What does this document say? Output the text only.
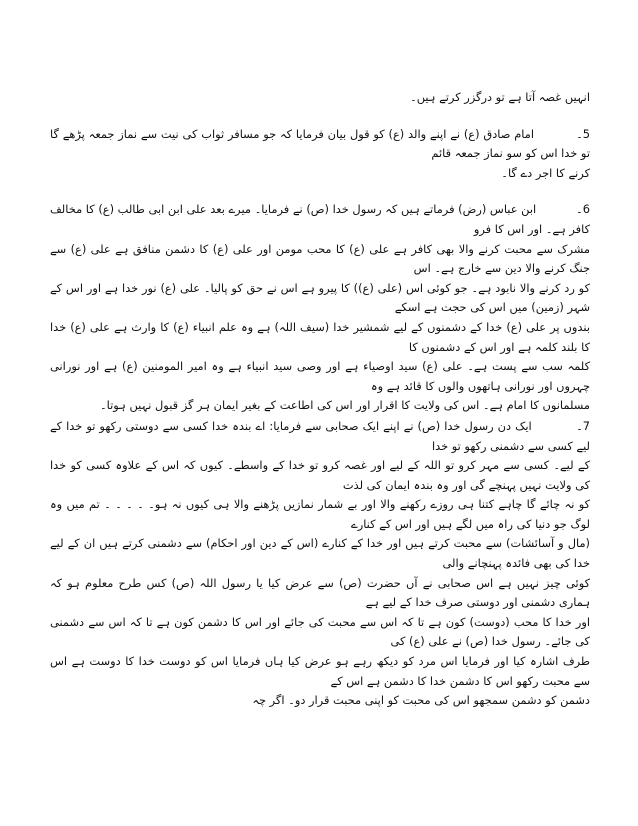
انہیں غصہ آتا ہے تو درگزر کرتے ہیں۔

5۔           امام صادق (ع) نے اپنے والد (ع) کو قول بیان فرمایا کہ جو مسافر ثواب کی نیت سے نماز جمعہ پڑھے گا تو خدا اس کو سو نماز جمعہ قائم
کرنے کا اجر دے گا۔

6۔           ابن عباس (رض) فرماتے ہیں کہ رسول خدا (ص) نے فرمایا۔ میرے بعد علی ابن ابی طالب (ع) کا مخالف کافر ہے۔ اور اس کا فرو
مشرک سے محبت کرنے والا بھی کافر ہے علی (ع) کا محب مومن اور علی (ع) کا دشمن منافق ہے علی (ع) سے جنگ کرنے والا دین سے خارج ہے۔ اس
کو رد کرنے والا نابود ہے۔ جو کوئی اس (علی (ع)) کا پیرو ہے اس نے حق کو پالیا۔ علی (ع) نور خدا ہے اور اس کے شہر (زمین) میں اس کی حجت ہے اسکے
بندوں پر علی (ع) خدا کے دشمنوں کے لیے شمشیر خدا (سیف اللہ) ہے وہ علم انبیاء (ع) کا وارث ہے علی (ع) خدا کا بلند کلمہ ہے اور اس کے دشمنوں کا
کلمہ سب سے پست ہے۔ علی (ع) سید اوصیاء ہے اور وصی سید انبیاء ہے وہ امیر المومنین (ع) ہے اور نورانی چہروں اور نورانی ہاتھوں والوں کا قائد ہے وہ
مسلمانوں کا امام ہے۔ اس کی ولایت کا اقرار اور اس کی اطاعت کے بغیر ایمان ہر گز قبول نہیں ہوتا۔

7۔           ایک دن رسول خدا (ص) نے اپنے ایک صحابی سے فرمایا: اے بندہ خدا کسی سے دوستی رکھو تو خدا کے لیے کسی سے دشمنی رکھو تو خدا
کے لیے۔ کسی سے مہر کرو تو اللہ کے لیے اور غصہ کرو تو خدا کے واسطے۔ کیوں کہ اس کے علاوہ کسی کو خدا کی ولایت نہیں پہنچے گی اور وہ بندہ ایمان کی لذت
کو نہ چائے گا چاہے کتنا ہی روزے رکھنے والا اور بے شمار نمازیں پڑھنے والا ہی کیوں نہ ہو۔ ۔ ۔ ۔ ۔ تم میں وہ لوگ جو دنیا کی راہ میں لگے ہیں اور اس کے کنارے
(مال و آسائشات) سے محبت کرتے ہیں اور خدا کے کنارے (اس کے دین اور احکام) سے دشمنی کرتے ہیں ان کے لیے خدا کی بھی فائدہ پہنچانے والی
کوئی چیز نہیں ہے اس صحابی نے آں حضرت (ص) سے عرض کیا یا رسول اللہ (ص) کس طرح معلوم ہو کہ ہماری دشمنی اور دوستی صرف خدا کے لیے ہے
اور خدا کا محب (دوست) کون ہے تا کہ اس سے محبت کی جائے اور اس کا دشمن کون ہے تا کہ اس سے دشمنی کی جائے۔ رسول خدا (ص) نے علی (ع) کی
طرف اشارہ کیا اور فرمایا اس مرد کو دیکھ رہے ہو عرض کیا ہاں فرمایا اس کو دوست خدا کا دوست ہے اس سے محبت رکھو اس کا دشمن خدا کا دشمن ہے اس کے
دشمن کو دشمن سمجھو اس کی محبت کو اپنی محبت قرار دو۔ اگر چہ
